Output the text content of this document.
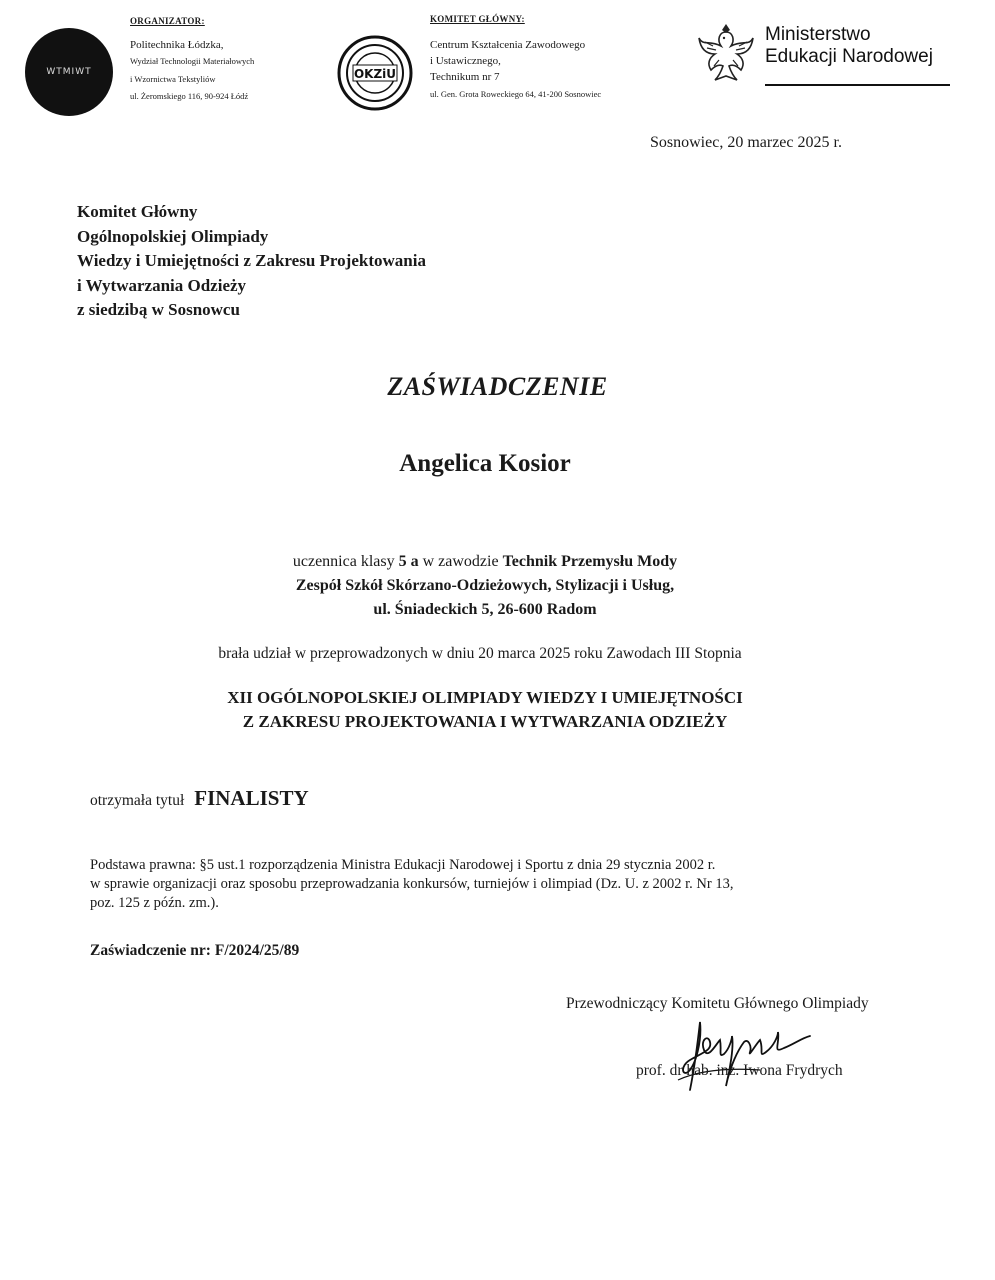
WTMIWT
ORGANIZATOR:
Politechnika Łódzka,
Wydział Technologii Materiałowych
i Wzornictwa Tekstyliów
ul. Żeromskiego 116, 90-924 Łódź
OKZiU
KOMITET GŁÓWNY:
Centrum Kształcenia Zawodowego
i Ustawicznego,
Technikum nr 7
ul. Gen. Grota Roweckiego 64, 41-200 Sosnowiec
Ministerstwo
Edukacji Narodowej
Sosnowiec, 20 marzec 2025 r.
Komitet Główny
Ogólnopolskiej Olimpiady
Wiedzy i Umiejętności z Zakresu Projektowania
i Wytwarzania Odzieży
z siedzibą w Sosnowcu
ZAŚWIADCZENIE
Angelica Kosior
uczennica klasy 5 a w zawodzie Technik Przemysłu Mody
Zespół Szkół Skórzano-Odzieżowych, Stylizacji i Usług,
ul. Śniadeckich 5, 26-600 Radom
brała udział w przeprowadzonych w dniu 20 marca 2025 roku Zawodach III Stopnia
XII OGÓLNOPOLSKIEJ OLIMPIADY WIEDZY I UMIEJĘTNOŚCI
Z ZAKRESU PROJEKTOWANIA I WYTWARZANIA ODZIEŻY
otrzymała tytuł FINALISTY
Podstawa prawna: §5 ust.1 rozporządzenia Ministra Edukacji Narodowej i Sportu z dnia 29 stycznia 2002 r.
w sprawie organizacji oraz sposobu przeprowadzania konkursów, turniejów i olimpiad (Dz. U. z 2002 r. Nr 13,
poz. 125 z późn. zm.).
Zaświadczenie nr: F/2024/25/89
Przewodniczący Komitetu Głównego Olimpiady
prof. dr hab. inż. Iwona Frydrych
